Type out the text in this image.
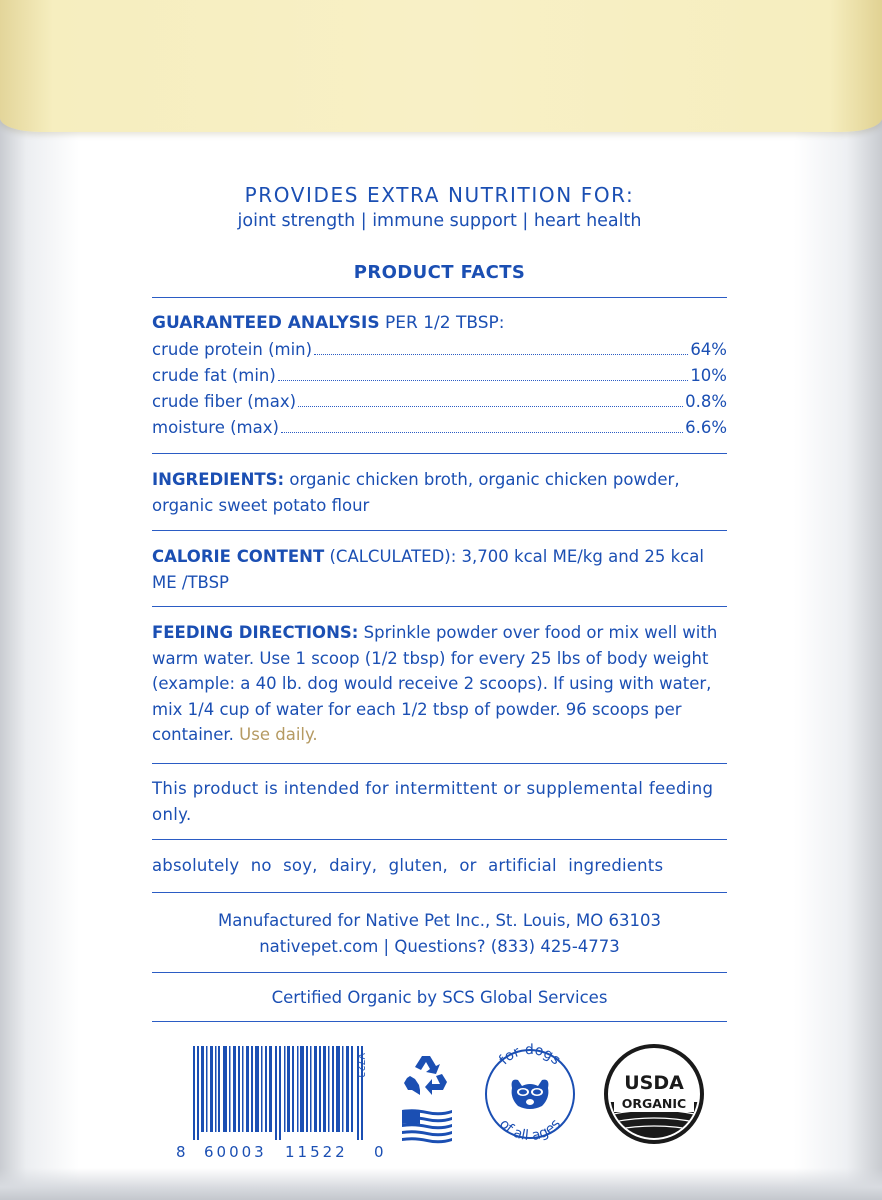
PROVIDES EXTRA NUTRITION FOR:
joint strength | immune support | heart health
PRODUCT FACTS
GUARANTEED ANALYSIS PER 1/2 TBSP:
crude protein (min)	64%
crude fat (min)	10%
crude fiber (max)	0.8%
moisture (max)	6.6%
INGREDIENTS: organic chicken broth, organic chicken powder, organic sweet potato flour
CALORIE CONTENT (CALCULATED): 3,700 kcal ME/kg and 25 kcal ME /TBSP
FEEDING DIRECTIONS: Sprinkle powder over food or mix well with warm water. Use 1 scoop (1/2 tbsp) for every 25 lbs of body weight (example: a 40 lb. dog would receive 2 scoops). If using with water, mix 1/4 cup of water for each 1/2 tbsp of powder. 96 scoops per container. Use daily.
This product is intended for intermittent or supplemental feeding only.
absolutely no soy, dairy, gluten, or artificial ingredients
Manufactured for Native Pet Inc., St. Louis, MO 63103
nativepet.com | Questions? (833) 425-4773
Certified Organic by SCS Global Services
8 60003 11522 0
V723	for dogs
of all ages
USDA
ORGANIC
